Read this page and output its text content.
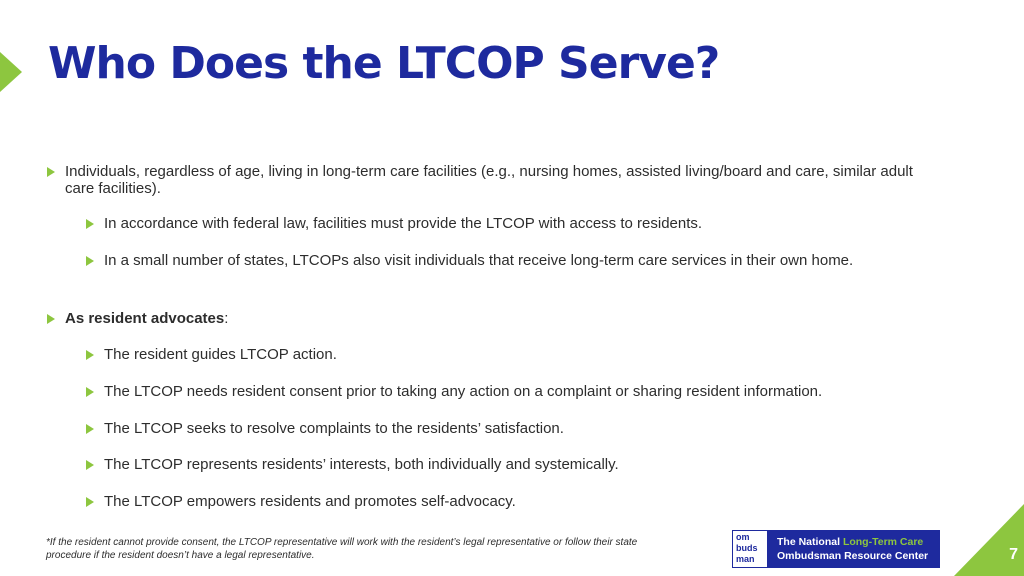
Who Does the LTCOP Serve?
Individuals, regardless of age, living in long-term care facilities (e.g., nursing homes, assisted living/board and care, similar adult care facilities).
In accordance with federal law, facilities must provide the LTCOP with access to residents.
In a small number of states, LTCOPs also visit individuals that receive long-term care services in their own home.
As resident advocates:
The resident guides LTCOP action.
The LTCOP needs resident consent prior to taking any action on a complaint or sharing resident information.
The LTCOP seeks to resolve complaints to the residents’ satisfaction.
The LTCOP represents residents’ interests, both individually and systemically.
The LTCOP empowers residents and promotes self-advocacy.
*If the resident cannot provide consent, the LTCOP representative will work with the resident’s legal representative or follow their state procedure if the resident doesn’t have a legal representative.
om
buds
man
The National Long-Term Care
Ombudsman Resource Center	7
